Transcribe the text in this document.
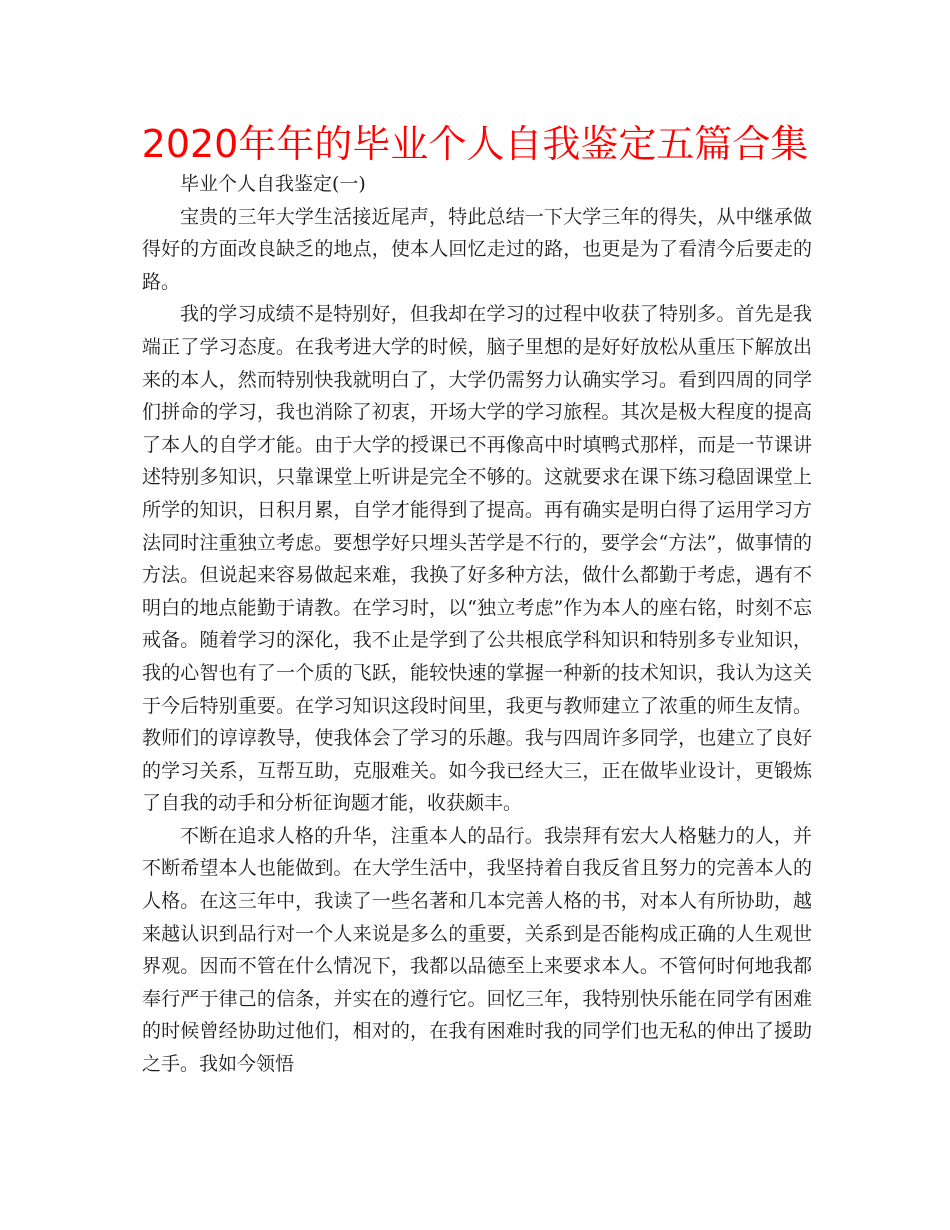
2020年年的毕业个人自我鉴定五篇合集

毕业个人自我鉴定(一)

宝贵的三年大学生活接近尾声，特此总结一下大学三年的得失，从中继承做得好的方面改良缺乏的地点，使本人回忆走过的路，也更是为了看清今后要走的路。

我的学习成绩不是特别好，但我却在学习的过程中收获了特别多。首先是我端正了学习态度。在我考进大学的时候，脑子里想的是好好放松从重压下解放出来的本人，然而特别快我就明白了，大学仍需努力认确实学习。看到四周的同学们拼命的学习，我也消除了初衷，开场大学的学习旅程。其次是极大程度的提高了本人的自学才能。由于大学的授课已不再像高中时填鸭式那样，而是一节课讲述特别多知识，只靠课堂上听讲是完全不够的。这就要求在课下练习稳固课堂上所学的知识，日积月累，自学才能得到了提高。再有确实是明白得了运用学习方法同时注重独立考虑。要想学好只埋头苦学是不行的，要学会“方法”，做事情的方法。但说起来容易做起来难，我换了好多种方法，做什么都勤于考虑，遇有不明白的地点能勤于请教。在学习时，以“独立考虑”作为本人的座右铭，时刻不忘戒备。随着学习的深化，我不止是学到了公共根底学科知识和特别多专业知识，我的心智也有了一个质的飞跃，能较快速的掌握一种新的技术知识，我认为这关于今后特别重要。在学习知识这段时间里，我更与教师建立了浓重的师生友情。教师们的谆谆教导，使我体会了学习的乐趣。我与四周许多同学，也建立了良好的学习关系，互帮互助，克服难关。如今我已经大三，正在做毕业设计，更锻炼了自我的动手和分析征询题才能，收获颇丰。

不断在追求人格的升华，注重本人的品行。我崇拜有宏大人格魅力的人，并不断希望本人也能做到。在大学生活中，我坚持着自我反省且努力的完善本人的人格。在这三年中，我读了一些名著和几本完善人格的书，对本人有所协助，越来越认识到品行对一个人来说是多么的重要，关系到是否能构成正确的人生观世界观。因而不管在什么情况下，我都以品德至上来要求本人。不管何时何地我都奉行严于律己的信条，并实在的遵行它。回忆三年，我特别快乐能在同学有困难的时候曾经协助过他们，相对的，在我有困难时我的同学们也无私的伸出了援助之手。我如今领悟
